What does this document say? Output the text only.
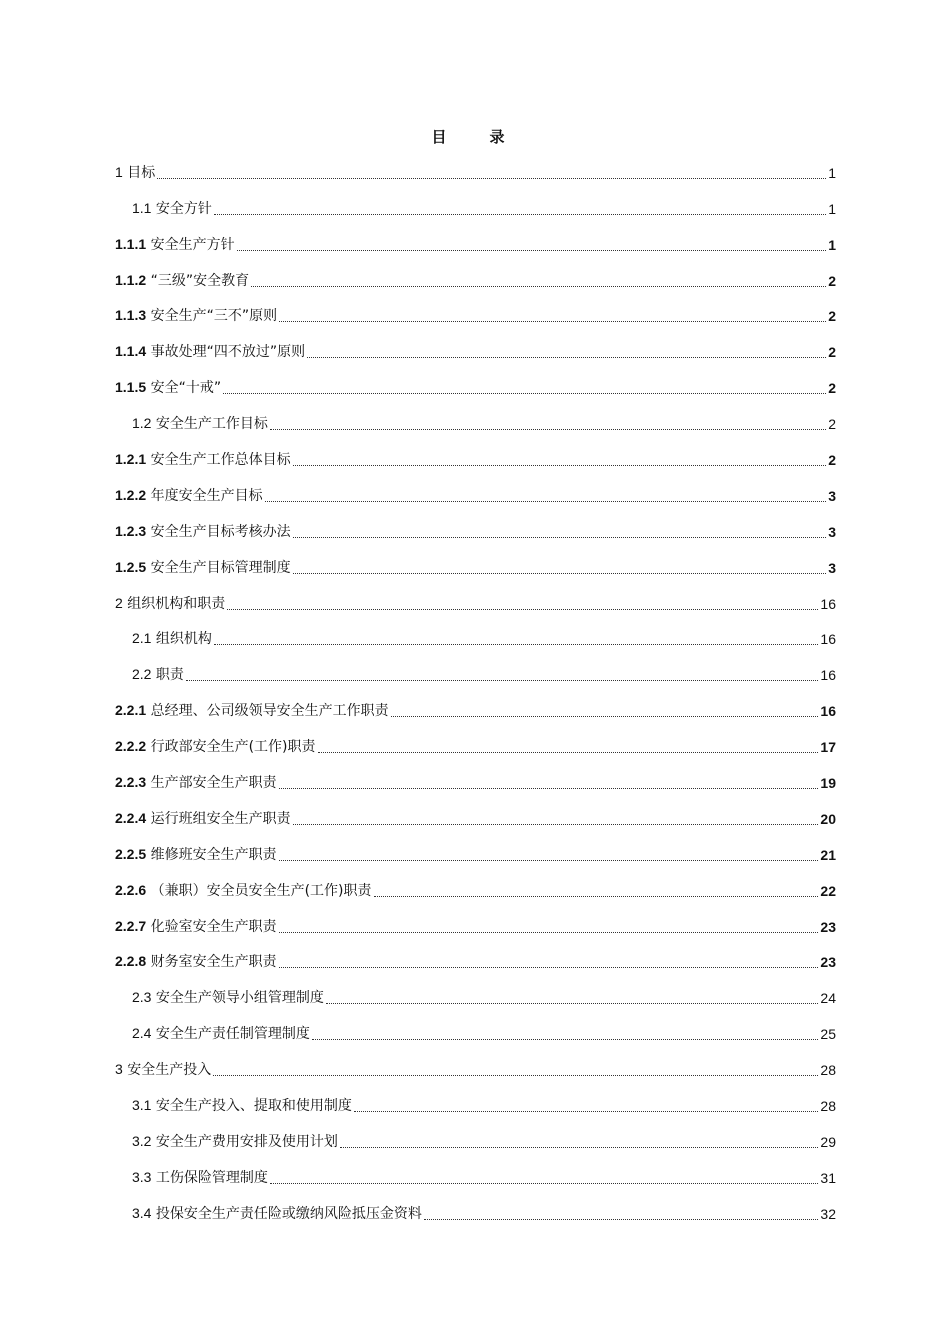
目　录
1 目标	1
1.1 安全方针	1
1.1.1 安全生产方针	1
1.1.2 “三级”安全教育	2
1.1.3 安全生产“三不”原则	2
1.1.4 事故处理“四不放过”原则	2
1.1.5 安全“十戒”	2
1.2 安全生产工作目标	2
1.2.1 安全生产工作总体目标	2
1.2.2 年度安全生产目标	3
1.2.3 安全生产目标考核办法	3
1.2.5 安全生产目标管理制度	3
2 组织机构和职责	16
2.1 组织机构	16
2.2 职责	16
2.2.1 总经理、公司级领导安全生产工作职责	16
2.2.2 行政部安全生产(工作)职责	17
2.2.3 生产部安全生产职责	19
2.2.4 运行班组安全生产职责	20
2.2.5 维修班安全生产职责	21
2.2.6 （兼职）安全员安全生产(工作)职责	22
2.2.7 化验室安全生产职责	23
2.2.8 财务室安全生产职责	23
2.3 安全生产领导小组管理制度	24
2.4 安全生产责任制管理制度	25
3 安全生产投入	28
3.1 安全生产投入、提取和使用制度	28
3.2 安全生产费用安排及使用计划	29
3.3 工伤保险管理制度	31
3.4 投保安全生产责任险或缴纳风险抵压金资料	32
